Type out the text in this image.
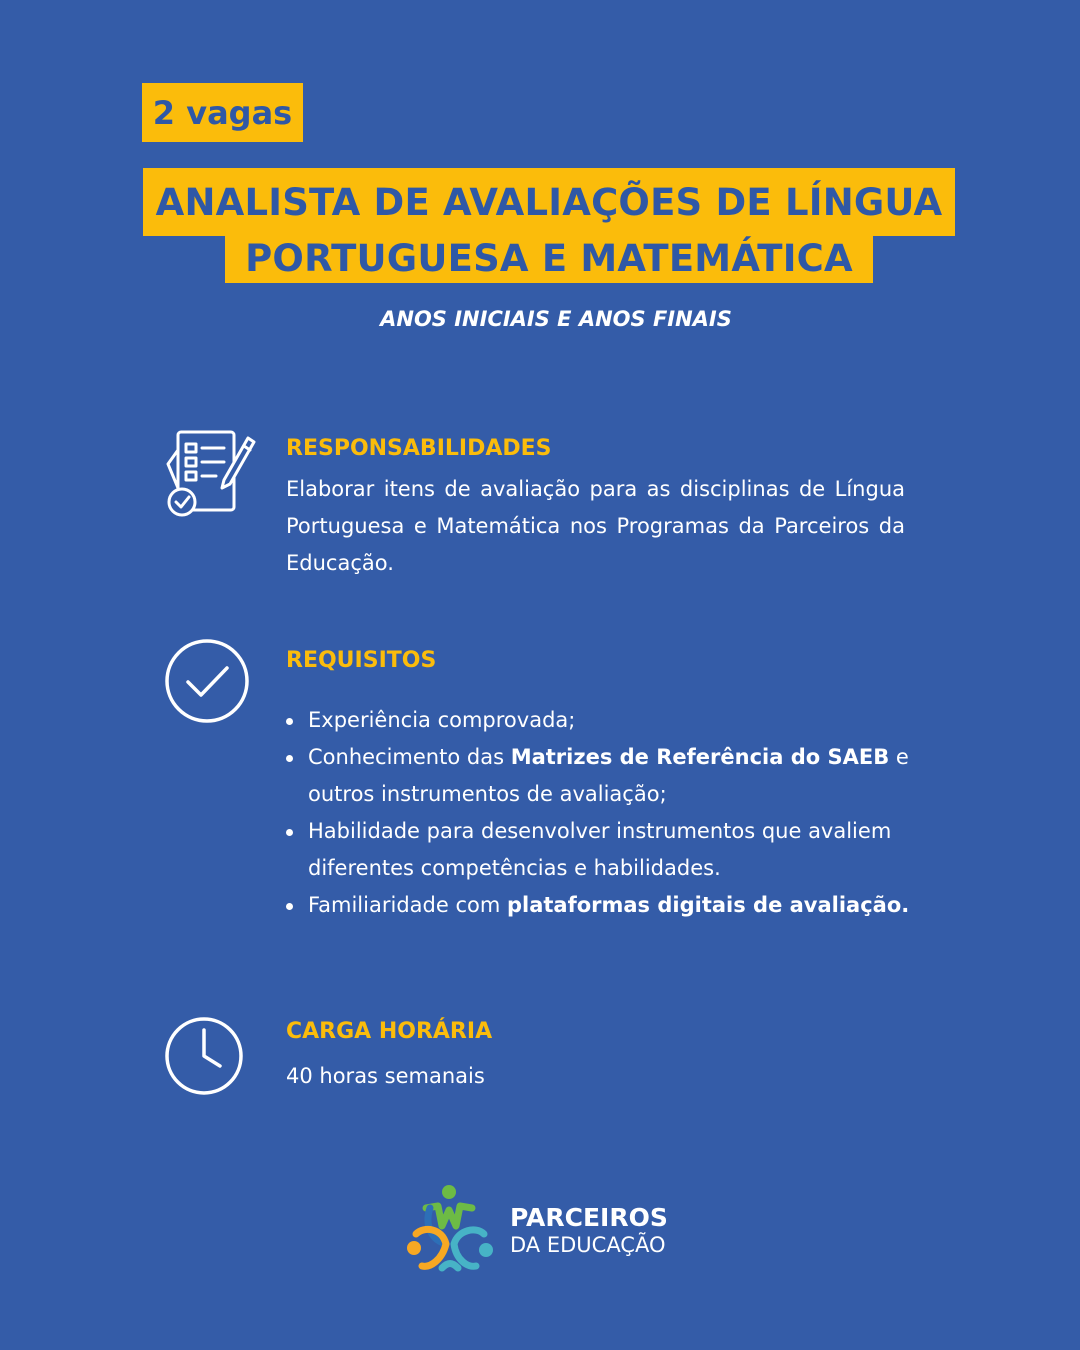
2 vagas
ANALISTA DE AVALIAÇÕES DE LÍNGUA
PORTUGUESA E MATEMÁTICA
ANOS INICIAIS E ANOS FINAIS
RESPONSABILIDADES
Elaborar itens de avaliação para as disciplinas de Língua Portuguesa e Matemática nos Programas da Parceiros da Educação.
REQUISITOS
Experiência comprovada;
Conhecimento das Matrizes de Referência do SAEB e outros instrumentos de avaliação;
Habilidade para desenvolver instrumentos que avaliem diferentes competências e habilidades.
Familiaridade com plataformas digitais de avaliação.
CARGA HORÁRIA
40 horas semanais
PARCEIROS
DA EDUCAÇÃO
